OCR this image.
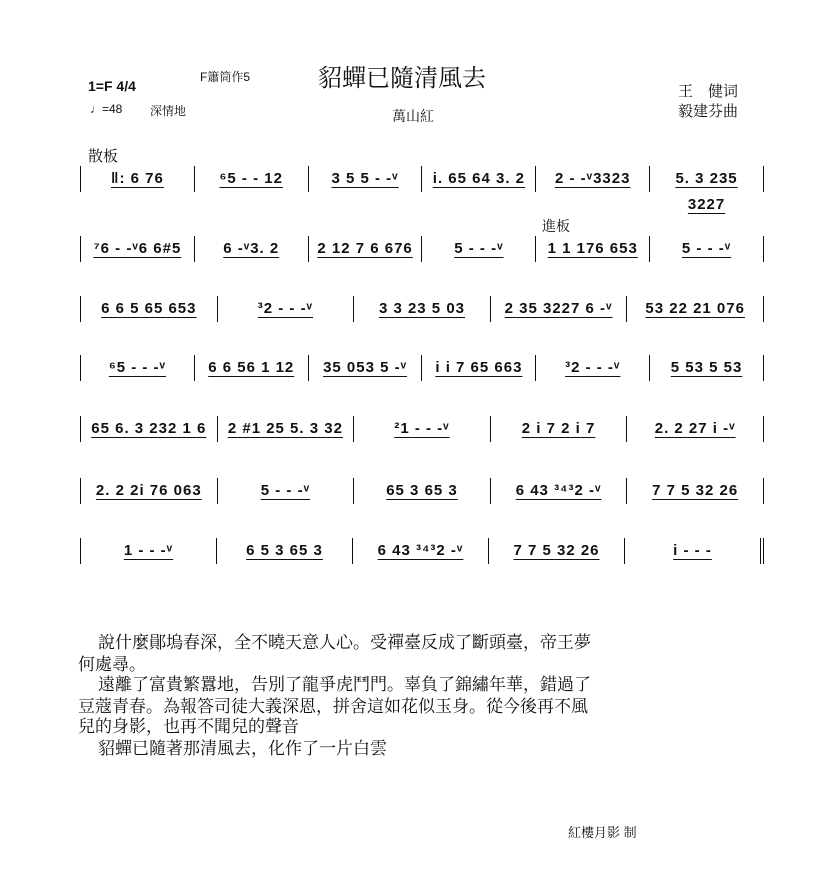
貂蟬已隨清風去
1=F 4/4
F簫筒作5
♩=48 深情地	萬山紅
王　健词
毅建芬曲
散板
進板
‖: 6 76	⁶5 - - 12	3 5 5 - -ᵛ	i. 65 64 3. 2	2 - -ᵛ3323	5. 3 235 3227
⁷6 - -ᵛ6 6#5	6 -ᵛ3. 2	2 12 7 6 676	5 - - -ᵛ	1 1 176 653	5 - - -ᵛ
6 6 5 65 653	³2 - - -ᵛ	3 3 23 5 03	2 35 3227 6 -ᵛ	53 22 21 076
⁶5 - - -ᵛ	6 6 56 1 12	35 053 5 -ᵛ	i i 7 65 663	³2 - - -ᵛ	5 53 5 53
65 6. 3 232 1 6	2 #1 25 5. 3 32	²1 - - -ᵛ	2 i 7 2 i 7	2. 2 27 i -ᵛ
2. 2 2i 76 063	5 - - -ᵛ	65 3 65 3	6 43 ³⁴³2 -ᵛ	7 7 5 32 26
1 - - -ᵛ	6 5 3 65 3	6 43 ³⁴³2 -ᵛ	7 7 5 32 26	i - - -
說什麼鄖塢春深，全不曉天意人心。受禪臺反成了斷頭臺，帝王夢
何處尋。
遠離了富貴繁囂地，告別了龍爭虎鬥門。辜負了錦繡年華，錯過了
豆蔻青春。為報答司徒大義深恩，拼舍這如花似玉身。從今後再不風
兒的身影，也再不聞兒的聲音
貂蟬已隨著那清風去，化作了一片白雲
紅樓月影 制
